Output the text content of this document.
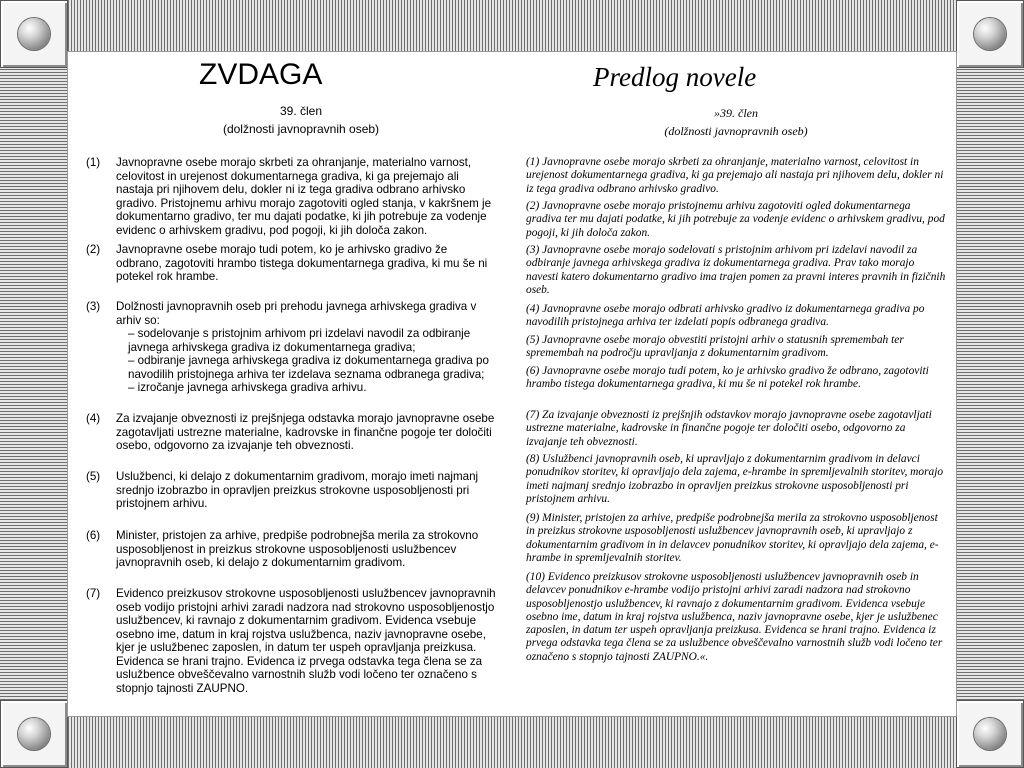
ZVDAGA
39. člen
(dolžnosti javnopravnih oseb)
(1)	Javnopravne osebe morajo skrbeti za ohranjanje, materialno varnost, celovitost in urejenost dokumentarnega gradiva, ki ga prejemajo ali nastaja pri njihovem delu, dokler ni iz tega gradiva odbrano arhivsko gradivo. Pristojnemu arhivu morajo zagotoviti ogled stanja, v kakršnem je dokumentarno gradivo, ter mu dajati podatke, ki jih potrebuje za vodenje evidenc o arhivskem gradivu, pod pogoji, ki jih določa zakon.
(2)	Javnopravne osebe morajo tudi potem, ko je arhivsko gradivo že odbrano, zagotoviti hrambo tistega dokumentarnega gradiva, ki mu še ni potekel rok hrambe.
(3)	Dolžnosti javnopravnih oseb pri prehodu javnega arhivskega gradiva v arhiv so:
– sodelovanje s pristojnim arhivom pri izdelavi navodil za odbiranje javnega arhivskega gradiva iz dokumentarnega gradiva;
– odbiranje javnega arhivskega gradiva iz dokumentarnega gradiva po navodilih pristojnega arhiva ter izdelava seznama odbranega gradiva;
– izročanje javnega arhivskega gradiva arhivu.
(4)	Za izvajanje obveznosti iz prejšnjega odstavka morajo javnopravne osebe zagotavljati ustrezne materialne, kadrovske in finančne pogoje ter določiti osebo, odgovorno za izvajanje teh obveznosti.
(5)	Uslužbenci, ki delajo z dokumentarnim gradivom, morajo imeti najmanj srednjo izobrazbo in opravljen preizkus strokovne usposobljenosti pri pristojnem arhivu.
(6)	Minister, pristojen za arhive, predpiše podrobnejša merila za strokovno usposobljenost in preizkus strokovne usposobljenosti uslužbencev javnopravnih oseb, ki delajo z dokumentarnim gradivom.
(7)	Evidenco preizkusov strokovne usposobljenosti uslužbencev javnopravnih oseb vodijo pristojni arhivi zaradi nadzora nad strokovno usposobljenostjo uslužbencev, ki ravnajo z dokumentarnim gradivom. Evidenca vsebuje osebno ime, datum in kraj rojstva uslužbenca, naziv javnopravne osebe, kjer je uslužbenec zaposlen, in datum ter uspeh opravljanja preizkusa. Evidenca se hrani trajno. Evidenca iz prvega odstavka tega člena se za uslužbence obveščevalno varnostnih služb vodi ločeno ter označeno s stopnjo tajnosti ZAUPNO.
Predlog novele
»39. člen
(dolžnosti javnopravnih oseb)
(1) Javnopravne osebe morajo skrbeti za ohranjanje, materialno varnost, celovitost in urejenost dokumentarnega gradiva, ki ga prejemajo ali nastaja pri njihovem delu, dokler ni iz tega gradiva odbrano arhivsko gradivo.
(2) Javnopravne osebe morajo pristojnemu arhivu zagotoviti ogled dokumentarnega gradiva ter mu dajati podatke, ki jih potrebuje za vodenje evidenc o arhivskem gradivu, pod pogoji, ki jih določa zakon.
(3) Javnopravne osebe morajo sodelovati s pristojnim arhivom pri izdelavi navodil za odbiranje javnega arhivskega gradiva iz dokumentarnega gradiva. Prav tako morajo navesti katero dokumentarno gradivo ima trajen pomen za pravni interes pravnih in fizičnih oseb.
(4) Javnopravne osebe morajo odbrati arhivsko gradivo iz dokumentarnega gradiva po navodilih pristojnega arhiva ter izdelati popis odbranega gradiva.
(5) Javnopravne osebe morajo obvestiti pristojni arhiv o statusnih spremembah ter spremembah na področju upravljanja z dokumentarnim gradivom.
(6) Javnopravne osebe morajo tudi potem, ko je arhivsko gradivo že odbrano, zagotoviti hrambo tistega dokumentarnega gradiva, ki mu še ni potekel rok hrambe.
(7) Za izvajanje obveznosti iz prejšnjih odstavkov morajo javnopravne osebe zagotavljati ustrezne materialne, kadrovske in finančne pogoje ter določiti osebo, odgovorno za izvajanje teh obveznosti.
(8) Uslužbenci javnopravnih oseb, ki upravljajo z dokumentarnim gradivom in delavci ponudnikov storitev, ki opravljajo dela zajema, e-hrambe in spremljevalnih storitev, morajo imeti najmanj srednjo izobrazbo in opravljen preizkus strokovne usposobljenosti pri pristojnem arhivu.
(9) Minister, pristojen za arhive, predpiše podrobnejša merila za strokovno usposobljenost in preizkus strokovne usposobljenosti uslužbencev javnopravnih oseb, ki upravljajo z dokumentarnim gradivom in in delavcev ponudnikov storitev, ki opravljajo dela zajema, e-hrambe in spremljevalnih storitev.
(10) Evidenco preizkusov strokovne usposobljenosti uslužbencev javnopravnih oseb in delavcev ponudnikov e-hrambe vodijo pristojni arhivi zaradi nadzora nad strokovno usposobljenostjo uslužbencev, ki ravnajo z dokumentarnim gradivom. Evidenca vsebuje osebno ime, datum in kraj rojstva uslužbenca, naziv javnopravne osebe, kjer je uslužbenec zaposlen, in datum ter uspeh opravljanja preizkusa. Evidenca se hrani trajno. Evidenca iz prvega odstavka tega člena se za uslužbence obveščevalno varnostnih služb vodi ločeno ter označeno s stopnjo tajnosti ZAUPNO.«.
